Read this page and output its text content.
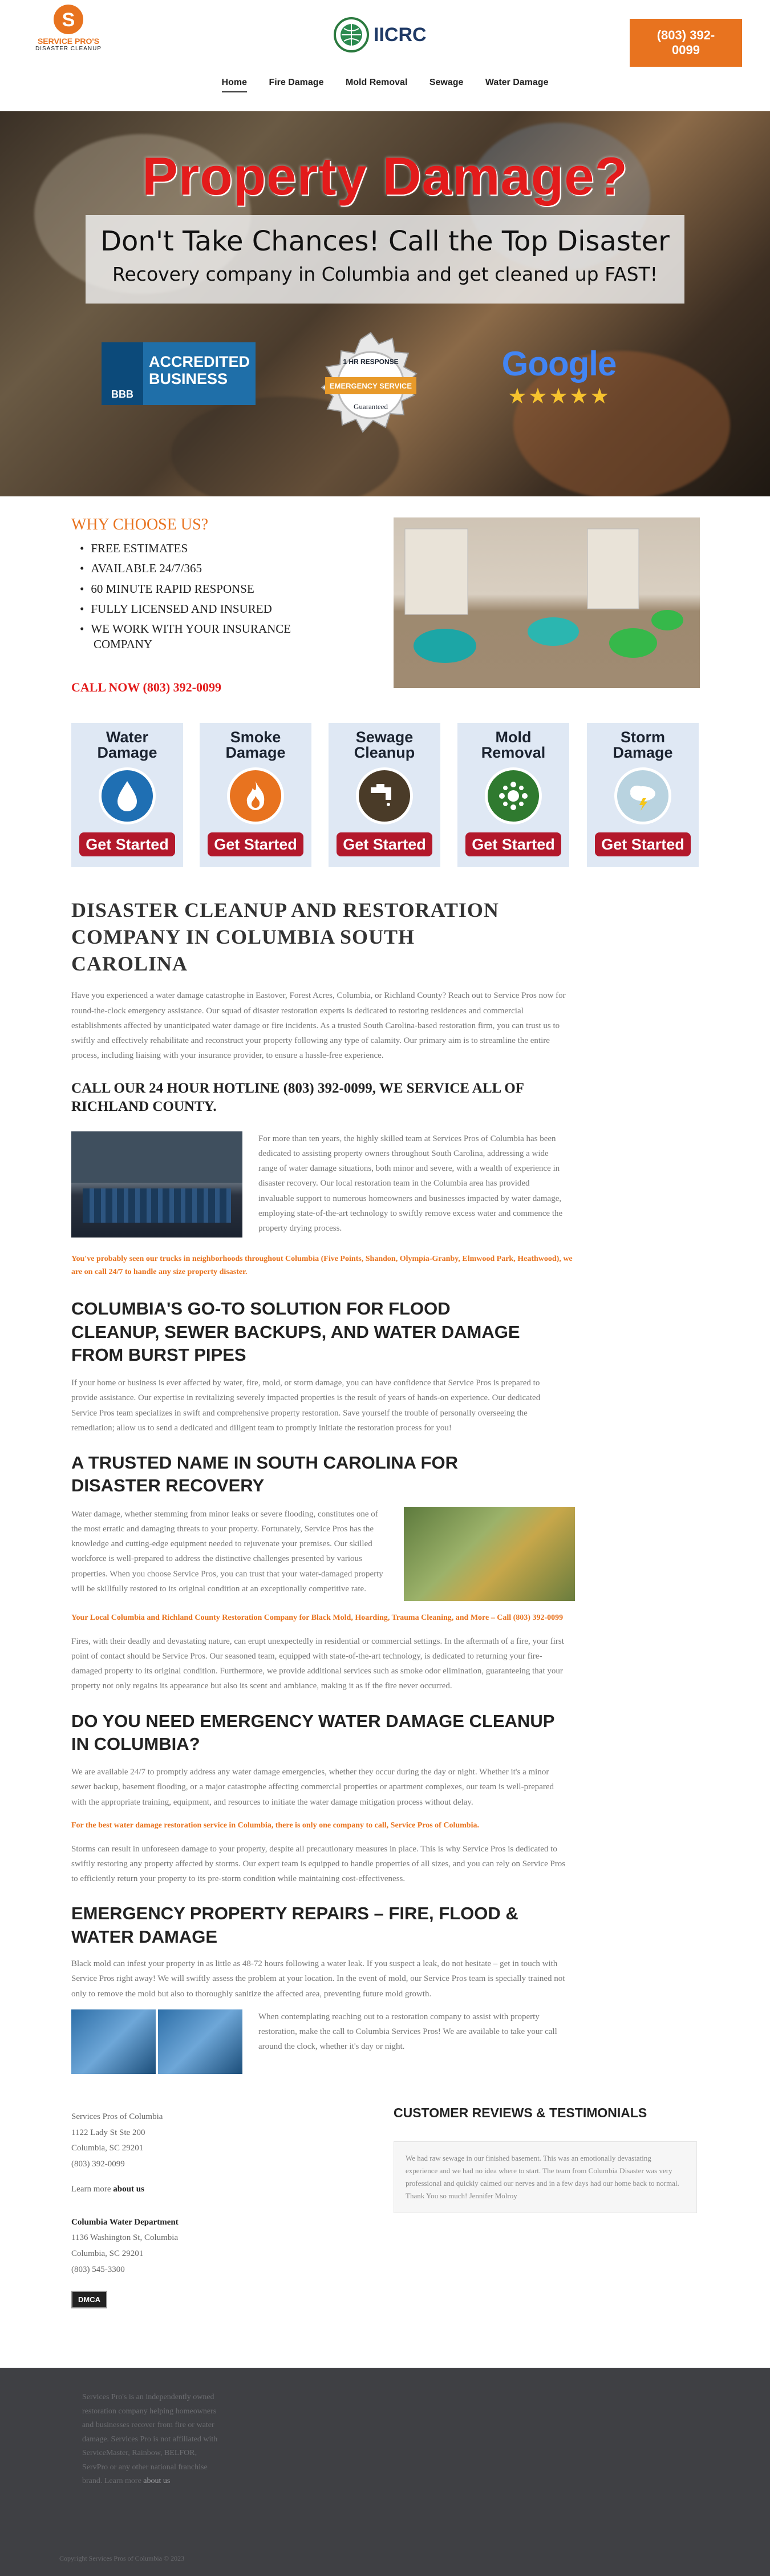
S
SERVICE PRO'S
DISASTER CLEANUP
IICRC	(803) 392-0099
Home Fire Damage Mold Removal Sewage Water Damage
Property Damage?
Don't Take Chances! Call the Top Disaster
Recovery company in Columbia and get cleaned up FAST!
BBB
ACCREDITED BUSINESS
1 HR RESPONSE
EMERGENCY SERVICE
Guaranteed
Google
★★★★★
WHY CHOOSE US?
• FREE ESTIMATES
• AVAILABLE 24/7/365
• 60 MINUTE RAPID RESPONSE
• FULLY LICENSED AND INSURED
• WE WORK WITH YOUR INSURANCE COMPANY
CALL NOW (803) 392-0099
Water
Damage
Get Started
Smoke
Damage
Get Started
Sewage
Cleanup
Get Started
Mold
Removal
Get Started
Storm
Damage
Get Started
DISASTER CLEANUP AND RESTORATION COMPANY IN COLUMBIA SOUTH CAROLINA

Have you experienced a water damage catastrophe in Eastover, Forest Acres, Columbia, or Richland County? Reach out to Service Pros now for round-the-clock emergency assistance. Our squad of disaster restoration experts is dedicated to restoring residences and commercial establishments affected by unanticipated water damage or fire incidents. As a trusted South Carolina-based restoration firm, you can trust us to swiftly and effectively rehabilitate and reconstruct your property following any type of calamity. Our primary aim is to streamline the entire process, including liaising with your insurance provider, to ensure a hassle-free experience.

CALL OUR 24 HOUR HOTLINE (803) 392-0099, WE SERVICE ALL OF RICHLAND COUNTY.

For more than ten years, the highly skilled team at Services Pros of Columbia has been dedicated to assisting property owners throughout South Carolina, addressing a wide range of water damage situations, both minor and severe, with a wealth of experience in disaster recovery. Our local restoration team in the Columbia area has provided invaluable support to numerous homeowners and businesses impacted by water damage, employing state-of-the-art technology to swiftly remove excess water and commence the property drying process.

You've probably seen our trucks in neighborhoods throughout Columbia (Five Points, Shandon, Olympia-Granby, Elmwood Park, Heathwood), we are on call 24/7 to handle any size property disaster.

COLUMBIA'S GO-TO SOLUTION FOR FLOOD CLEANUP, SEWER BACKUPS, AND WATER DAMAGE FROM BURST PIPES

If your home or business is ever affected by water, fire, mold, or storm damage, you can have confidence that Service Pros is prepared to provide assistance. Our expertise in revitalizing severely impacted properties is the result of years of hands-on experience. Our dedicated Service Pros team specializes in swift and comprehensive property restoration. Save yourself the trouble of personally overseeing the remediation; allow us to send a dedicated and diligent team to promptly initiate the restoration process for you!

A TRUSTED NAME IN SOUTH CAROLINA FOR DISASTER RECOVERY

Water damage, whether stemming from minor leaks or severe flooding, constitutes one of the most erratic and damaging threats to your property. Fortunately, Service Pros has the knowledge and cutting-edge equipment needed to rejuvenate your premises. Our skilled workforce is well-prepared to address the distinctive challenges presented by various properties. When you choose Service Pros, you can trust that your water-damaged property will be skillfully restored to its original condition at an exceptionally competitive rate.

Your Local Columbia and Richland County Restoration Company for Black Mold, Hoarding, Trauma Cleaning, and More – Call (803) 392-0099

Fires, with their deadly and devastating nature, can erupt unexpectedly in residential or commercial settings. In the aftermath of a fire, your first point of contact should be Service Pros. Our seasoned team, equipped with state-of-the-art technology, is dedicated to returning your fire-damaged property to its original condition. Furthermore, we provide additional services such as smoke odor elimination, guaranteeing that your property not only regains its appearance but also its scent and ambiance, making it as if the fire never occurred.

DO YOU NEED EMERGENCY WATER DAMAGE CLEANUP IN COLUMBIA?

We are available 24/7 to promptly address any water damage emergencies, whether they occur during the day or night. Whether it's a minor sewer backup, basement flooding, or a major catastrophe affecting commercial properties or apartment complexes, our team is well-prepared with the appropriate training, equipment, and resources to initiate the water damage mitigation process without delay.

For the best water damage restoration service in Columbia, there is only one company to call, Service Pros of Columbia.

Storms can result in unforeseen damage to your property, despite all precautionary measures in place. This is why Service Pros is dedicated to swiftly restoring any property affected by storms. Our expert team is equipped to handle properties of all sizes, and you can rely on Service Pros to efficiently return your property to its pre-storm condition while maintaining cost-effectiveness.

EMERGENCY PROPERTY REPAIRS – FIRE, FLOOD & WATER DAMAGE

Black mold can infest your property in as little as 48-72 hours following a water leak. If you suspect a leak, do not hesitate – get in touch with Service Pros right away! We will swiftly assess the problem at your location. In the event of mold, our Service Pros team is specially trained not only to remove the mold but also to thoroughly sanitize the affected area, preventing future mold growth.

When contemplating reaching out to a restoration company to assist with property restoration, make the call to Columbia Services Pros! We are available to take your call around the clock, whether it's day or night.

Services Pros of Columbia
1122 Lady St Ste 200
Columbia, SC 29201
(803) 392-0099
Learn more about us
Columbia Water Department
1136 Washington St, Columbia
Columbia, SC 29201
(803) 545-3300
DMCA
CUSTOMER REVIEWS & TESTIMONIALS
We had raw sewage in our finished basement. This was an emotionally devastating experience and we had no idea where to start. The team from Columbia Disaster was very professional and quickly calmed our nerves and in a few days had our home back to normal. Thank You so much! Jennifer Molroy

Services Pro's is an independently owned restoration company helping homeowners and businesses recover from fire or water damage. Services Pro is not affiliated with ServiceMaster, Rainbow, BELFOR, ServPro or any other national franchise brand. Learn more about us

Copyright Services Pros of Columbia © 2023
